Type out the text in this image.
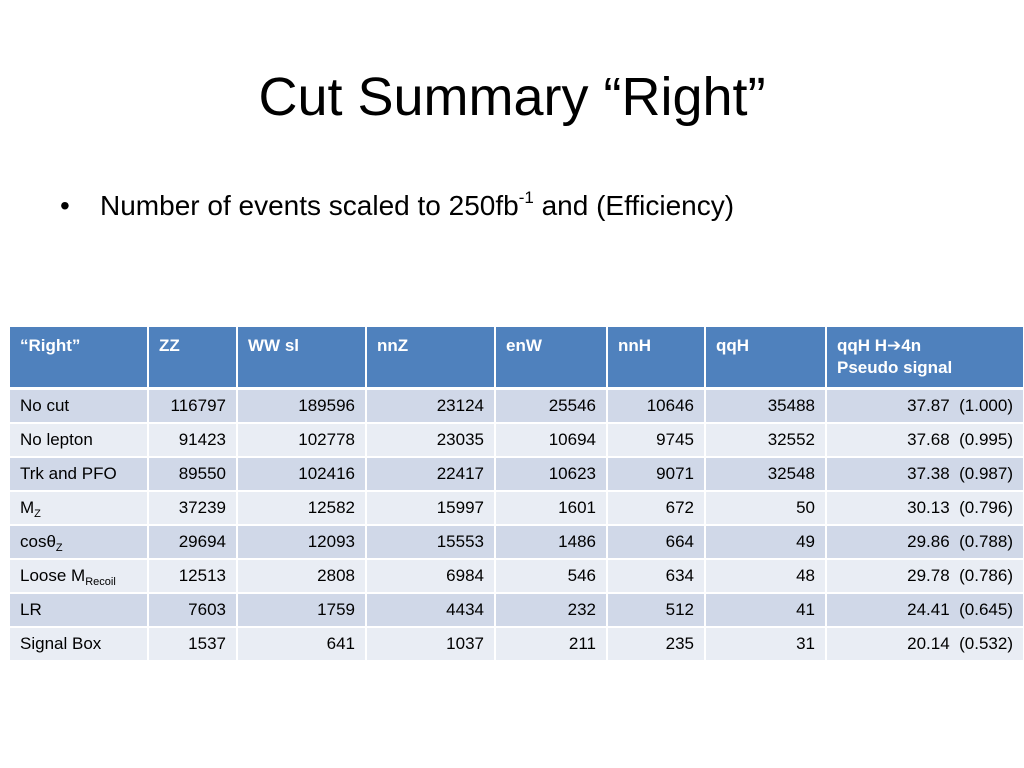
Cut Summary “Right”
• Number of events scaled to $250fb^{-1}$ and (Efficiency)
“Right”	ZZ	WW sl	nnZ	enW	nnH	qqH	qqH H➔4n
Pseudo signal
No cut	116797	189596	23124	25546	10646	35488	37.87  (1.000)
No lepton	91423	102778	23035	10694	9745	32552	37.68  (0.995)
Trk and PFO	89550	102416	22417	10623	9071	32548	37.38  (0.987)
$M_Z$	37239	12582	15997	1601	672	50	30.13  (0.796)
cosθ$_Z$	29694	12093	15553	1486	664	49	29.86  (0.788)
Loose $M_{Recoil}$	12513	2808	6984	546	634	48	29.78  (0.786)
LR	7603	1759	4434	232	512	41	24.41  (0.645)
Signal Box	1537	641	1037	211	235	31	20.14  (0.532)
